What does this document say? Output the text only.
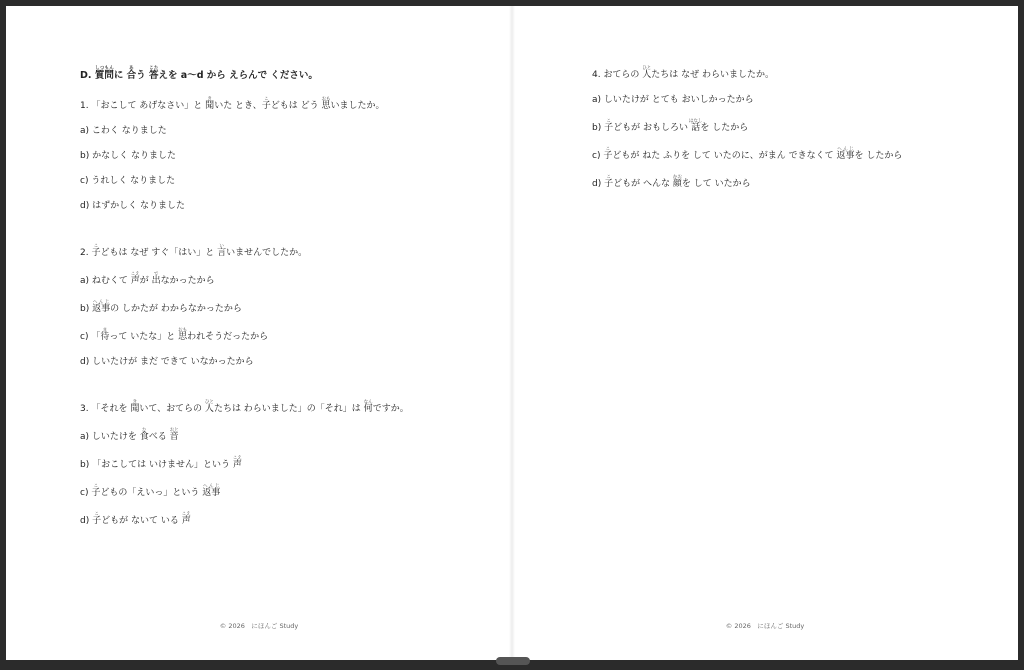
D. 質問しつもんに 合あう 答こたえを a〜d から えらんで ください。
1. 「おこして あげなさい」と 聞きいた とき、子こどもは どう 思おもいましたか。
a) こわく なりました
b) かなしく なりました
c) うれしく なりました
d) はずかしく なりました
2. 子こどもは なぜ すぐ「はい」と 言いいませんでしたか。
a) ねむくて 声こえが 出でなかったから
b) 返事へんじの しかたが わからなかったから
c) 「待まって いたな」と 思おもわれそうだったから
d) しいたけが まだ できて いなかったから
3. 「それを 聞きいて、おてらの 人ひとたちは わらいました」の「それ」は 何なんですか。
a) しいたけを 食たべる 音おと
b) 「おこしては いけません」という 声こえ
c) 子こどもの「えいっ」という 返事へんじ
d) 子こどもが ないて いる 声こえ
© 2026　にほんご Study
4. おてらの 人ひとたちは なぜ わらいましたか。
a) しいたけが とても おいしかったから
b) 子こどもが おもしろい 話はなしを したから
c) 子こどもが ねた ふりを して いたのに、がまん できなくて 返事へんじを したから
d) 子こどもが へんな 顔かおを して いたから
© 2026　にほんご Study
